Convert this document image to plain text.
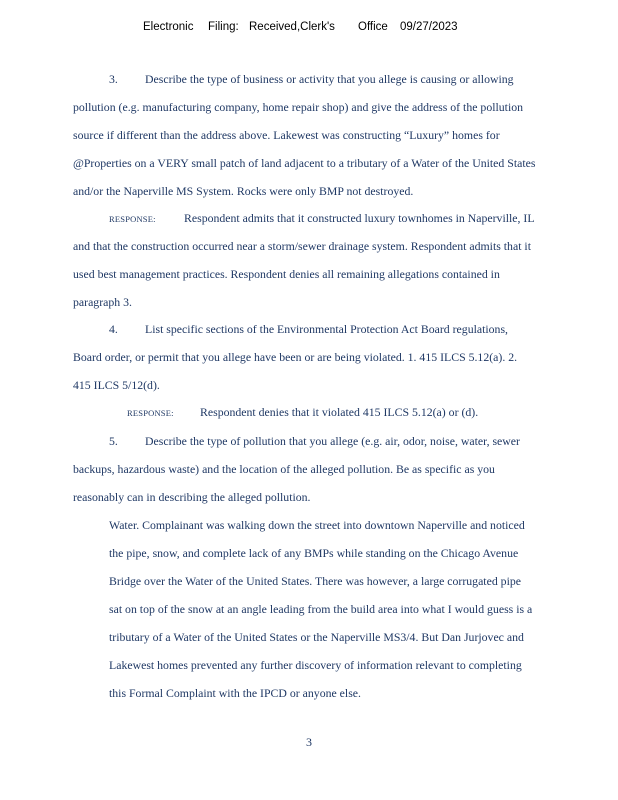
Electronic Filing: Received,Clerk's Office 09/27/2023
3. Describe the type of business or activity that you allege is causing or allowing
pollution (e.g. manufacturing company, home repair shop) and give the address of the pollution
source if different than the address above. Lakewest was constructing “Luxury” homes for
@Properties on a VERY small patch of land adjacent to a tributary of a Water of the United States
and/or the Naperville MS System. Rocks were only BMP not destroyed.
RESPONSE: Respondent admits that it constructed luxury townhomes in Naperville, IL
and that the construction occurred near a storm/sewer drainage system. Respondent admits that it
used best management practices. Respondent denies all remaining allegations contained in
paragraph 3.
4. List specific sections of the Environmental Protection Act Board regulations,
Board order, or permit that you allege have been or are being violated. 1. 415 ILCS 5.12(a). 2.
415 ILCS 5/12(d).
RESPONSE: Respondent denies that it violated 415 ILCS 5.12(a) or (d).
5. Describe the type of pollution that you allege (e.g. air, odor, noise, water, sewer
backups, hazardous waste) and the location of the alleged pollution. Be as specific as you
reasonably can in describing the alleged pollution.
Water. Complainant was walking down the street into downtown Naperville and noticed
the pipe, snow, and complete lack of any BMPs while standing on the Chicago Avenue
Bridge over the Water of the United States. There was however, a large corrugated pipe
sat on top of the snow at an angle leading from the build area into what I would guess is a
tributary of a Water of the United States or the Naperville MS3/4. But Dan Jurjovec and
Lakewest homes prevented any further discovery of information relevant to completing
this Formal Complaint with the IPCD or anyone else.
3
